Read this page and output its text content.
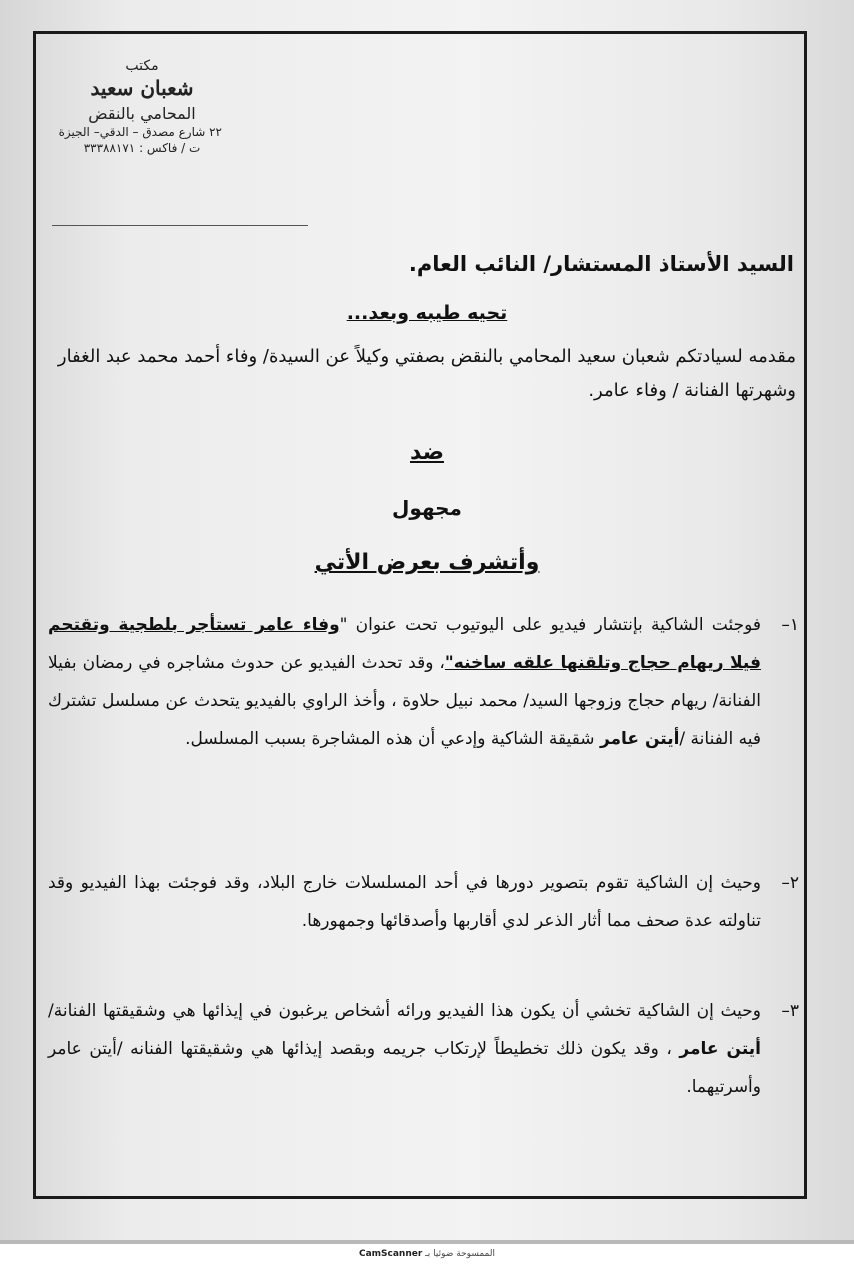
مكتب

شعبان سعيد

المحامي بالنقض

٢٢ شارع مصدق – الدقي– الجيزة

ت / فاكس : ٣٣٣٨٨١٧١

السيد الأستاذ المستشار/ النائب العام.

تحيه طيبه وبعد...

مقدمه لسيادتكم شعبان سعيد المحامي بالنقض بصفتي وكيلاً عن السيدة/ وفاء أحمد محمد عبد الغفار وشهرتها الفنانة / وفاء عامر.

ضد

مجهول

وأتشرف بعرض الأتي

١–
فوجئت الشاكية بإنتشار فيديو على اليوتيوب تحت عنوان "وفاء عامر تستأجر بلطجية وتقتحم فيلا ريهام حجاج وتلقنها علقه ساخنه"، وقد تحدث الفيديو عن حدوث مشاجره في رمضان بفيلا الفنانة/ ريهام حجاج وزوجها السيد/ محمد نبيل حلاوة ، وأخذ الراوي بالفيديو يتحدث عن مسلسل تشترك فيه الفنانة /أيتن عامر شقيقة الشاكية وإدعي أن هذه المشاجرة بسبب المسلسل.

٢–
وحيث إن الشاكية تقوم بتصوير دورها في أحد المسلسلات خارج البلاد، وقد فوجئت بهذا الفيديو وقد تناولته عدة صحف مما أثار الذعر لدي أقاربها وأصدقائها وجمهورها.

٣–
وحيث إن الشاكية تخشي أن يكون هذا الفيديو ورائه أشخاص يرغبون في إيذائها هي وشقيقتها الفنانة/ أيتن عامر ، وقد يكون ذلك تخطيطاً لإرتكاب جريمه وبقصد إيذائها هي وشقيقتها الفنانه /أيتن عامر وأسرتيهما.

CamScanner الممسوحة ضوئيا بـ
